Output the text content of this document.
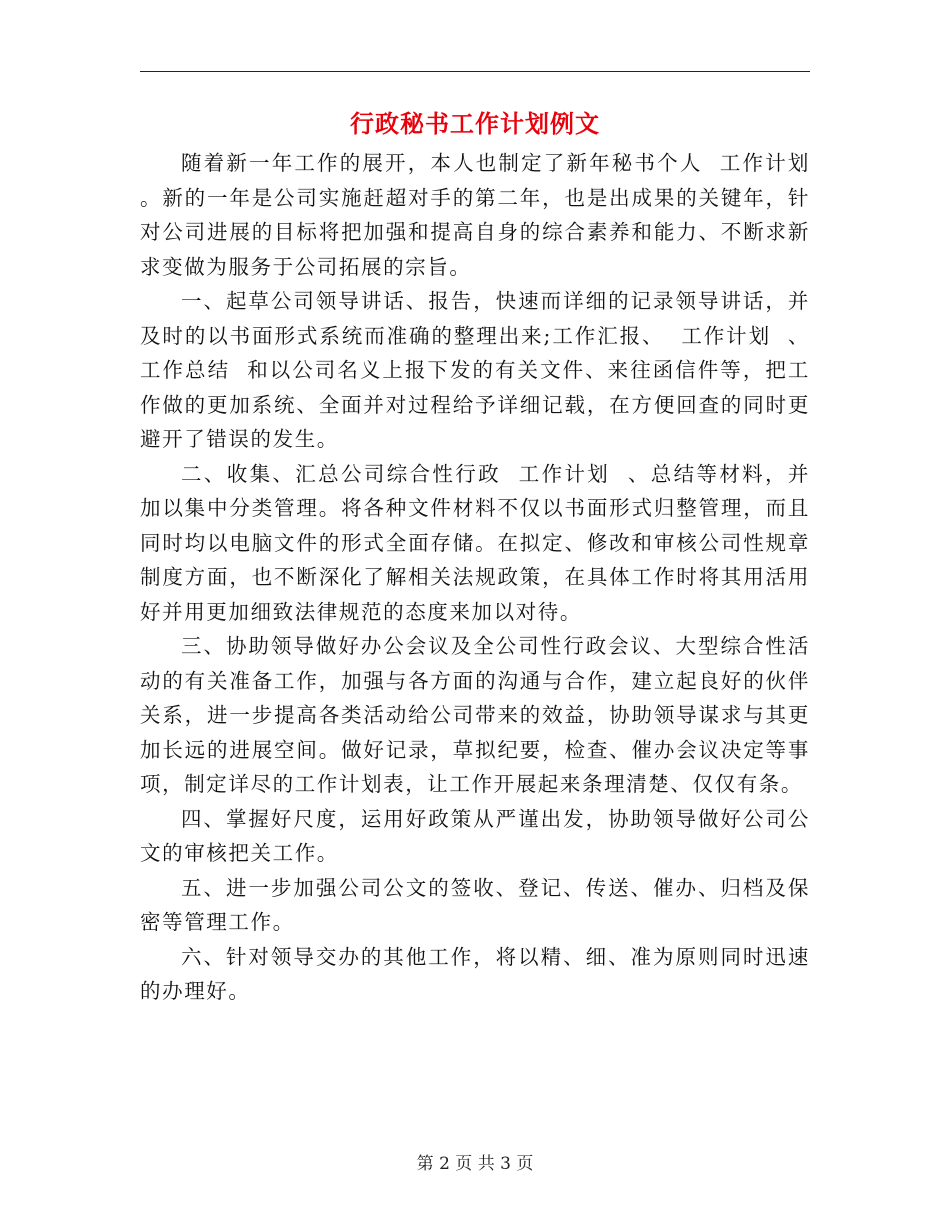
行政秘书工作计划例文

随着新一年工作的展开，本人也制定了新年秘书个人  工作计划  。新的一年是公司实施赶超对手的第二年，也是出成果的关键年，针对公司进展的目标将把加强和提高自身的综合素养和能力、不断求新求变做为服务于公司拓展的宗旨。

一、起草公司领导讲话、报告，快速而详细的记录领导讲话，并及时的以书面形式系统而准确的整理出来;工作汇报、  工作计划  、  工作总结  和以公司名义上报下发的有关文件、来往函信件等，把工作做的更加系统、全面并对过程给予详细记载，在方便回查的同时更避开了错误的发生。

二、收集、汇总公司综合性行政  工作计划  、总结等材料，并加以集中分类管理。将各种文件材料不仅以书面形式归整管理，而且同时均以电脑文件的形式全面存储。在拟定、修改和审核公司性规章制度方面，也不断深化了解相关法规政策，在具体工作时将其用活用好并用更加细致法律规范的态度来加以对待。

三、协助领导做好办公会议及全公司性行政会议、大型综合性活动的有关准备工作，加强与各方面的沟通与合作，建立起良好的伙伴关系，进一步提高各类活动给公司带来的效益，协助领导谋求与其更加长远的进展空间。做好记录，草拟纪要，检查、催办会议决定等事项，制定详尽的工作计划表，让工作开展起来条理清楚、仅仅有条。

四、掌握好尺度，运用好政策从严谨出发，协助领导做好公司公文的审核把关工作。

五、进一步加强公司公文的签收、登记、传送、催办、归档及保密等管理工作。

六、针对领导交办的其他工作，将以精、细、准为原则同时迅速的办理好。

第 2 页 共 3 页
